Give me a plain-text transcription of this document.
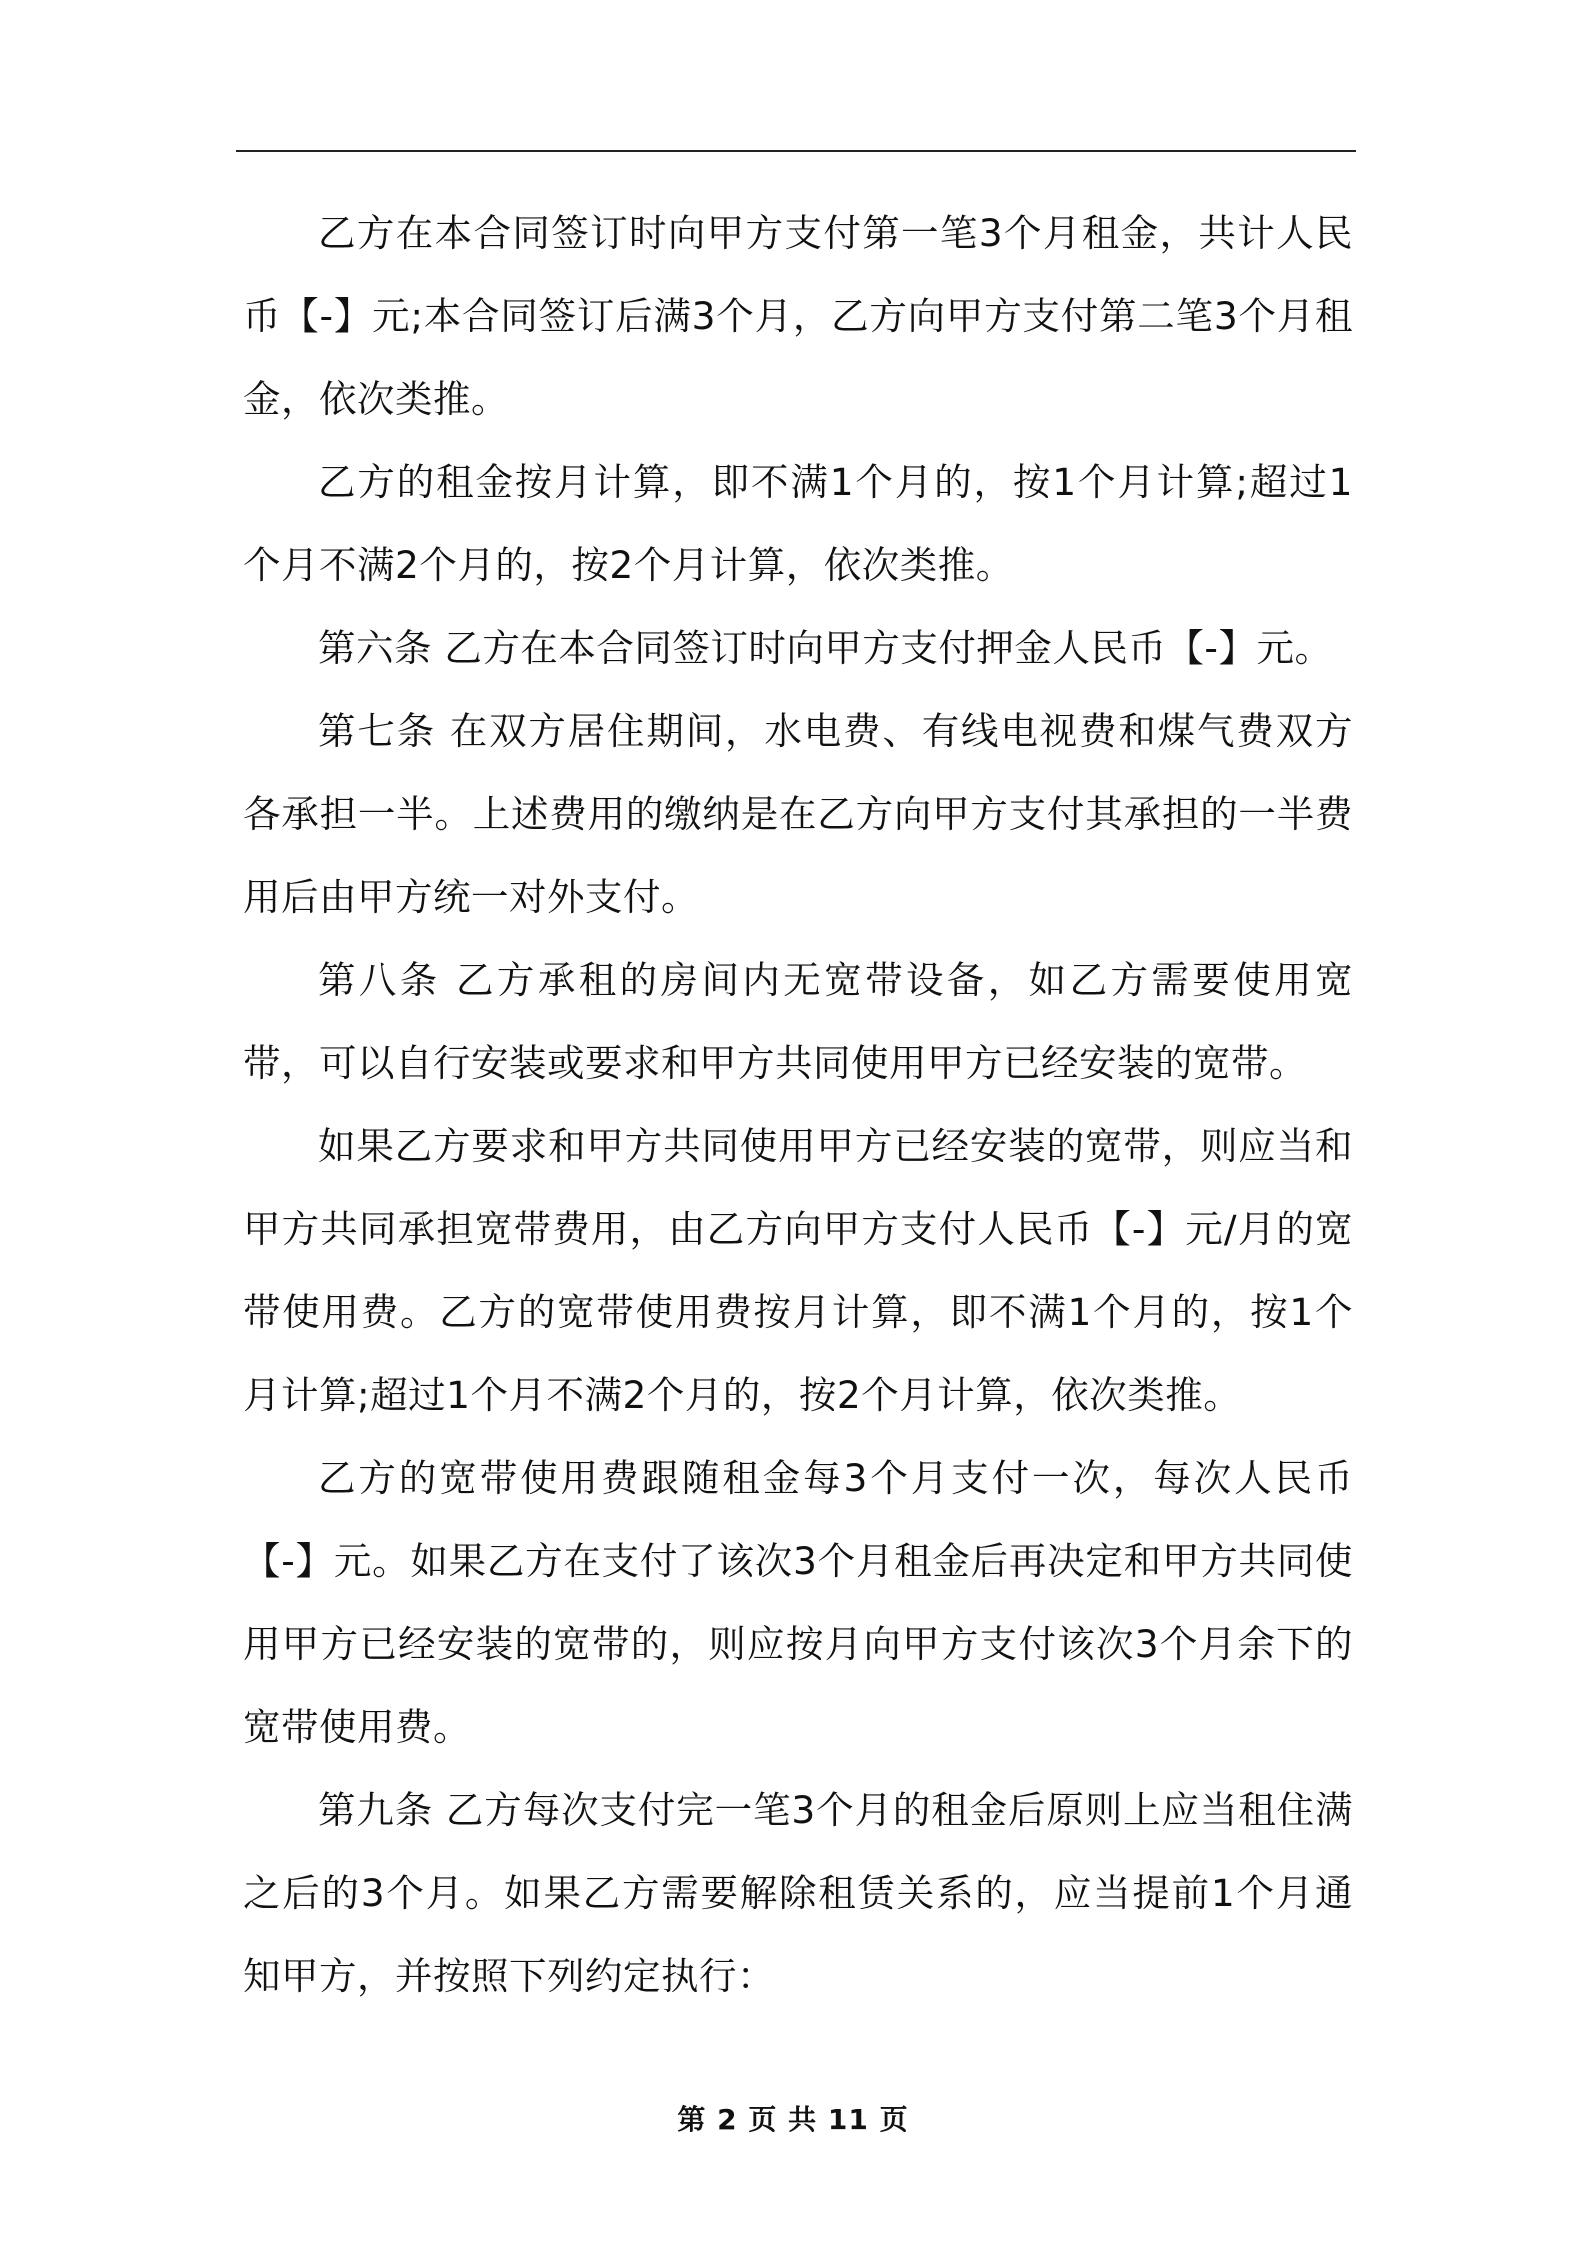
乙方在本合同签订时向甲方支付第一笔3个月租金，共计人民币【-】元;本合同签订后满3个月，乙方向甲方支付第二笔3个月租金，依次类推。

乙方的租金按月计算，即不满1个月的，按1个月计算;超过1个月不满2个月的，按2个月计算，依次类推。

第六条 乙方在本合同签订时向甲方支付押金人民币【-】元。

第七条 在双方居住期间，水电费、有线电视费和煤气费双方各承担一半。上述费用的缴纳是在乙方向甲方支付其承担的一半费用后由甲方统一对外支付。

第八条 乙方承租的房间内无宽带设备，如乙方需要使用宽带，可以自行安装或要求和甲方共同使用甲方已经安装的宽带。

如果乙方要求和甲方共同使用甲方已经安装的宽带，则应当和甲方共同承担宽带费用，由乙方向甲方支付人民币【-】元/月的宽带使用费。乙方的宽带使用费按月计算，即不满1个月的，按1个月计算;超过1个月不满2个月的，按2个月计算，依次类推。

乙方的宽带使用费跟随租金每3个月支付一次，每次人民币【-】元。如果乙方在支付了该次3个月租金后再决定和甲方共同使用甲方已经安装的宽带的，则应按月向甲方支付该次3个月余下的宽带使用费。

第九条 乙方每次支付完一笔3个月的租金后原则上应当租住满之后的3个月。如果乙方需要解除租赁关系的，应当提前1个月通知甲方，并按照下列约定执行：

第 2 页 共 11 页
